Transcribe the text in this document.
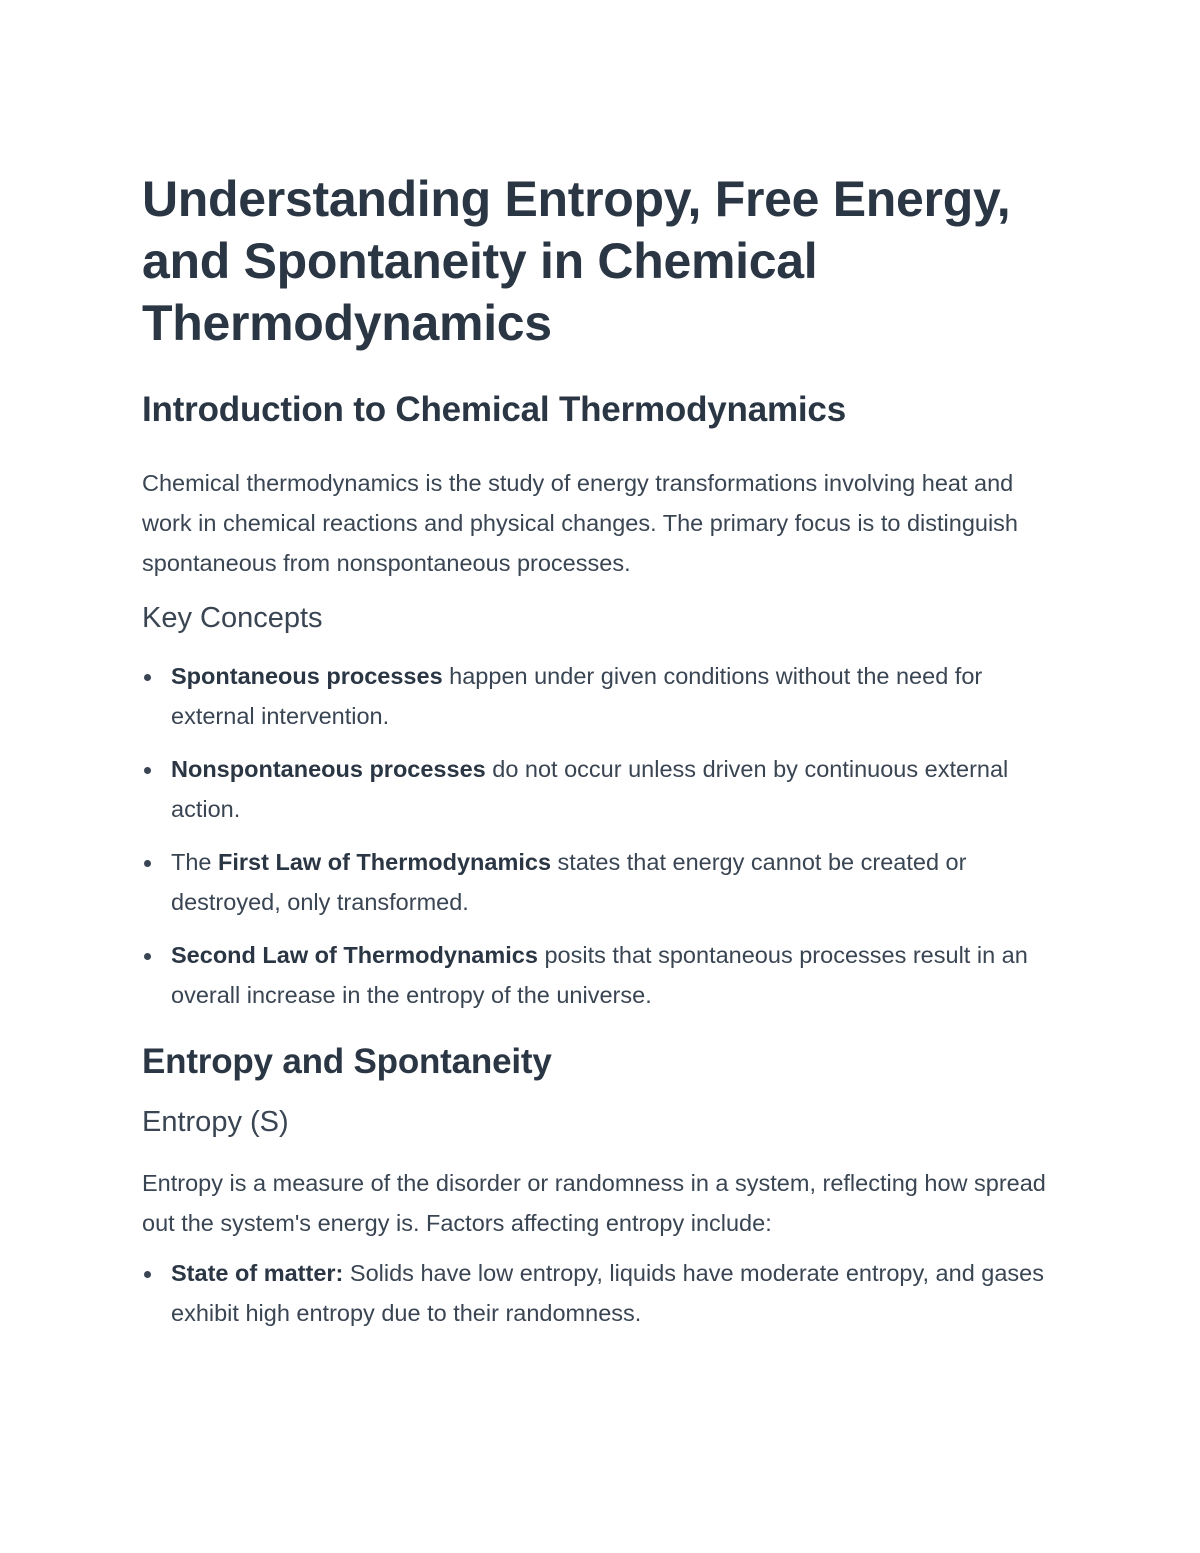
Understanding Entropy, Free Energy, and Spontaneity in Chemical Thermodynamics
Introduction to Chemical Thermodynamics

Chemical thermodynamics is the study of energy transformations involving heat and work in chemical reactions and physical changes. The primary focus is to distinguish spontaneous from nonspontaneous processes.

Key Concepts
Spontaneous processes happen under given conditions without the need for external intervention.
Nonspontaneous processes do not occur unless driven by continuous external action.
The First Law of Thermodynamics states that energy cannot be created or destroyed, only transformed.
Second Law of Thermodynamics posits that spontaneous processes result in an overall increase in the entropy of the universe.
Entropy and Spontaneity
Entropy (S)

Entropy is a measure of the disorder or randomness in a system, reflecting how spread out the system's energy is. Factors affecting entropy include:

State of matter: Solids have low entropy, liquids have moderate entropy, and gases exhibit high entropy due to their randomness.
